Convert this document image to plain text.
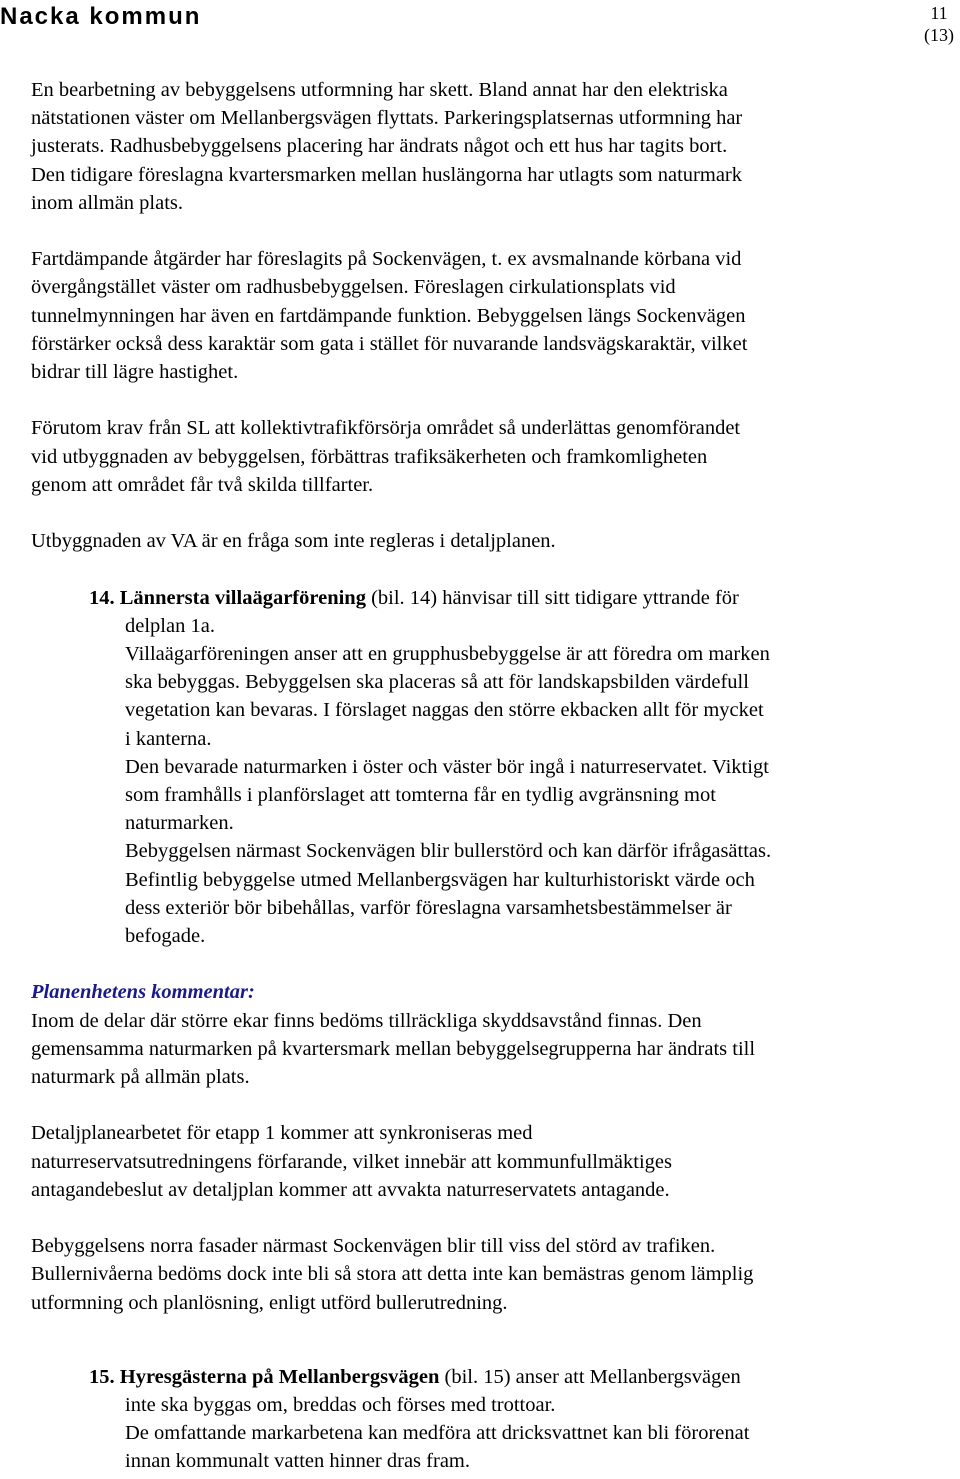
Nacka kommun	11
(13)

En bearbetning av bebyggelsens utformning har skett. Bland annat har den elektriska

nätstationen väster om Mellanbergsvägen flyttats. Parkeringsplatsernas utformning har

justerats. Radhusbebyggelsens placering har ändrats något och ett hus har tagits bort.

Den tidigare föreslagna kvartersmarken mellan huslängorna har utlagts som naturmark

inom allmän plats.

Fartdämpande åtgärder har föreslagits på Sockenvägen, t. ex avsmalnande körbana vid

övergångstället väster om radhusbebyggelsen. Föreslagen cirkulationsplats vid

tunnelmynningen har även en fartdämpande funktion. Bebyggelsen längs Sockenvägen

förstärker också dess karaktär som gata i stället för nuvarande landsvägskaraktär, vilket

bidrar till lägre hastighet.

Förutom krav från SL att kollektivtrafikförsörja området så underlättas genomförandet

vid utbyggnaden av bebyggelsen, förbättras trafiksäkerheten och framkomligheten

genom att området får två skilda tillfarter.

Utbyggnaden av VA är en fråga som inte regleras i detaljplanen.

14. Lännersta villaägarförening (bil. 14) hänvisar till sitt tidigare yttrande för

delplan 1a.

Villaägarföreningen anser att en grupphusbebyggelse är att föredra om marken

ska bebyggas. Bebyggelsen ska placeras så att för landskapsbilden värdefull

vegetation kan bevaras. I förslaget naggas den större ekbacken allt för mycket

i kanterna.

Den bevarade naturmarken i öster och väster bör ingå i naturreservatet. Viktigt

som framhålls i planförslaget att tomterna får en tydlig avgränsning mot

naturmarken.

Bebyggelsen närmast Sockenvägen blir bullerstörd och kan därför ifrågasättas.

Befintlig bebyggelse utmed Mellanbergsvägen har kulturhistoriskt värde och

dess exteriör bör bibehållas, varför föreslagna varsamhetsbestämmelser är

befogade.

Planenhetens kommentar:

Inom de delar där större ekar finns bedöms tillräckliga skyddsavstånd finnas. Den

gemensamma naturmarken på kvartersmark mellan bebyggelsegrupperna har ändrats till

naturmark på allmän plats.

Detaljplanearbetet för etapp 1 kommer att synkroniseras med

naturreservatsutredningens förfarande, vilket innebär att kommunfullmäktiges

antagandebeslut av detaljplan kommer att avvakta naturreservatets antagande.

Bebyggelsens norra fasader närmast Sockenvägen blir till viss del störd av trafiken.

Bullernivåerna bedöms dock inte bli så stora att detta inte kan bemästras genom lämplig

utformning och planlösning, enligt utförd bullerutredning.

15. Hyresgästerna på Mellanbergsvägen (bil. 15) anser att Mellanbergsvägen

inte ska byggas om, breddas och förses med trottoar.

De omfattande markarbetena kan medföra att dricksvattnet kan bli förorenat

innan kommunalt vatten hinner dras fram.
